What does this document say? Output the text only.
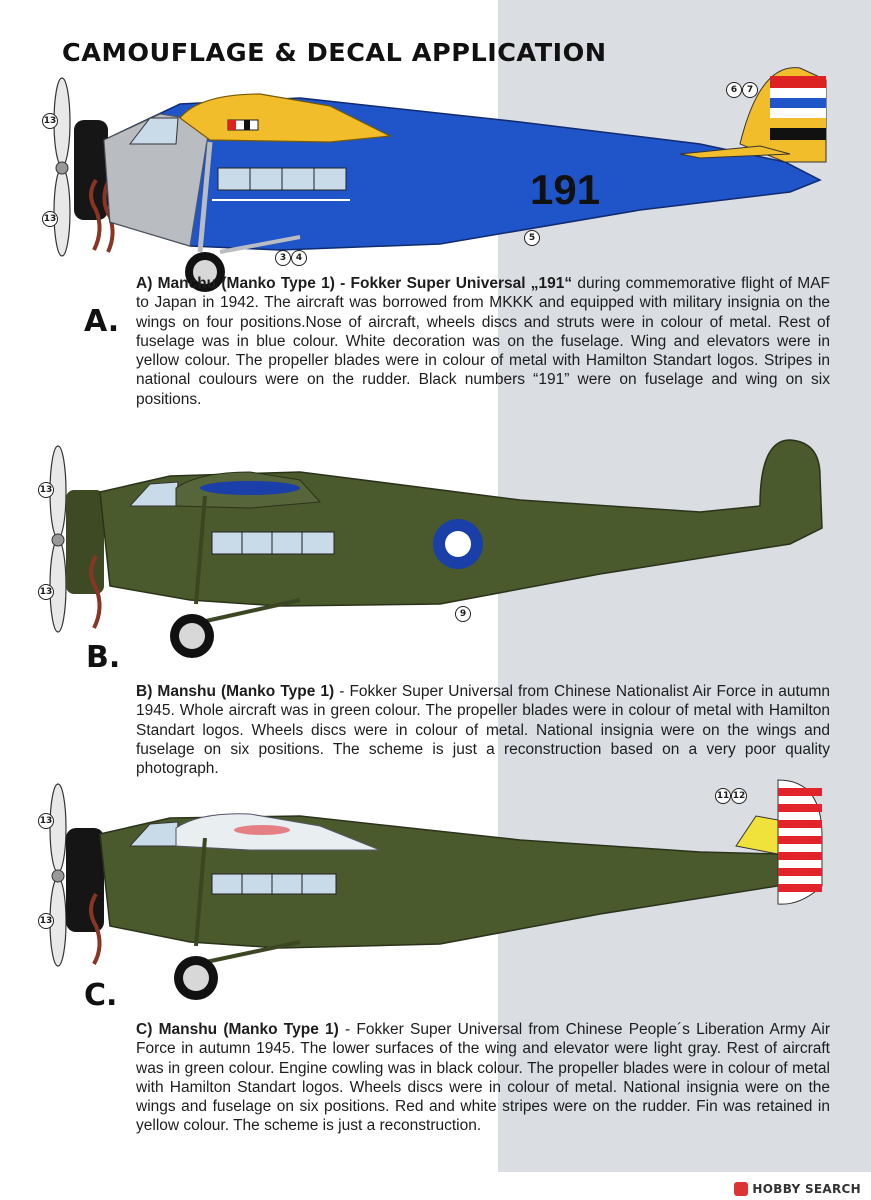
CAMOUFLAGE & DECAL APPLICATION
191
13
13
6	7
3	4
5
A.
A) Manchu (Manko Type 1) - Fokker Super Universal „191“ during commemorative flight of MAF to Japan in 1942. The aircraft was borrowed from MKKK and equipped with military insignia on the wings on four positions.Nose of aircraft, wheels discs and struts were in colour of metal. Rest of fuselage was in blue colour. White decoration was on the fuselage. Wing and elevators were in yellow colour. The propeller blades were in colour of metal with Hamilton Standart logos. Stripes in national coulours were on the rudder. Black numbers “191” were on fuselage and wing on six positions.
13
13
9
B.
B) Manshu (Manko Type 1) - Fokker Super Universal from Chinese Nationalist Air Force in autumn 1945. Whole aircraft was in green colour. The propeller blades were in colour of metal with Hamilton Standart logos. Wheels discs were in colour of metal. National insignia were on the wings and fuselage on six positions. The scheme is just a reconstruction based on a very poor quality photograph.
13
13
11 12
C.
C) Manshu (Manko Type 1) - Fokker Super Universal from Chinese People´s Liberation Army Air Force in autumn 1945. The lower surfaces of the wing and elevator were light gray. Rest of aircraft was in green colour. Engine cowling was in black colour. The propeller blades were in colour of metal with Hamilton Standart logos. Wheels discs were in colour of metal. National insignia were on the wings and fuselage on six positions. Red and white stripes were on the rudder. Fin was retained in yellow colour. The scheme is just a reconstruction.
HOBBY SEARCH
